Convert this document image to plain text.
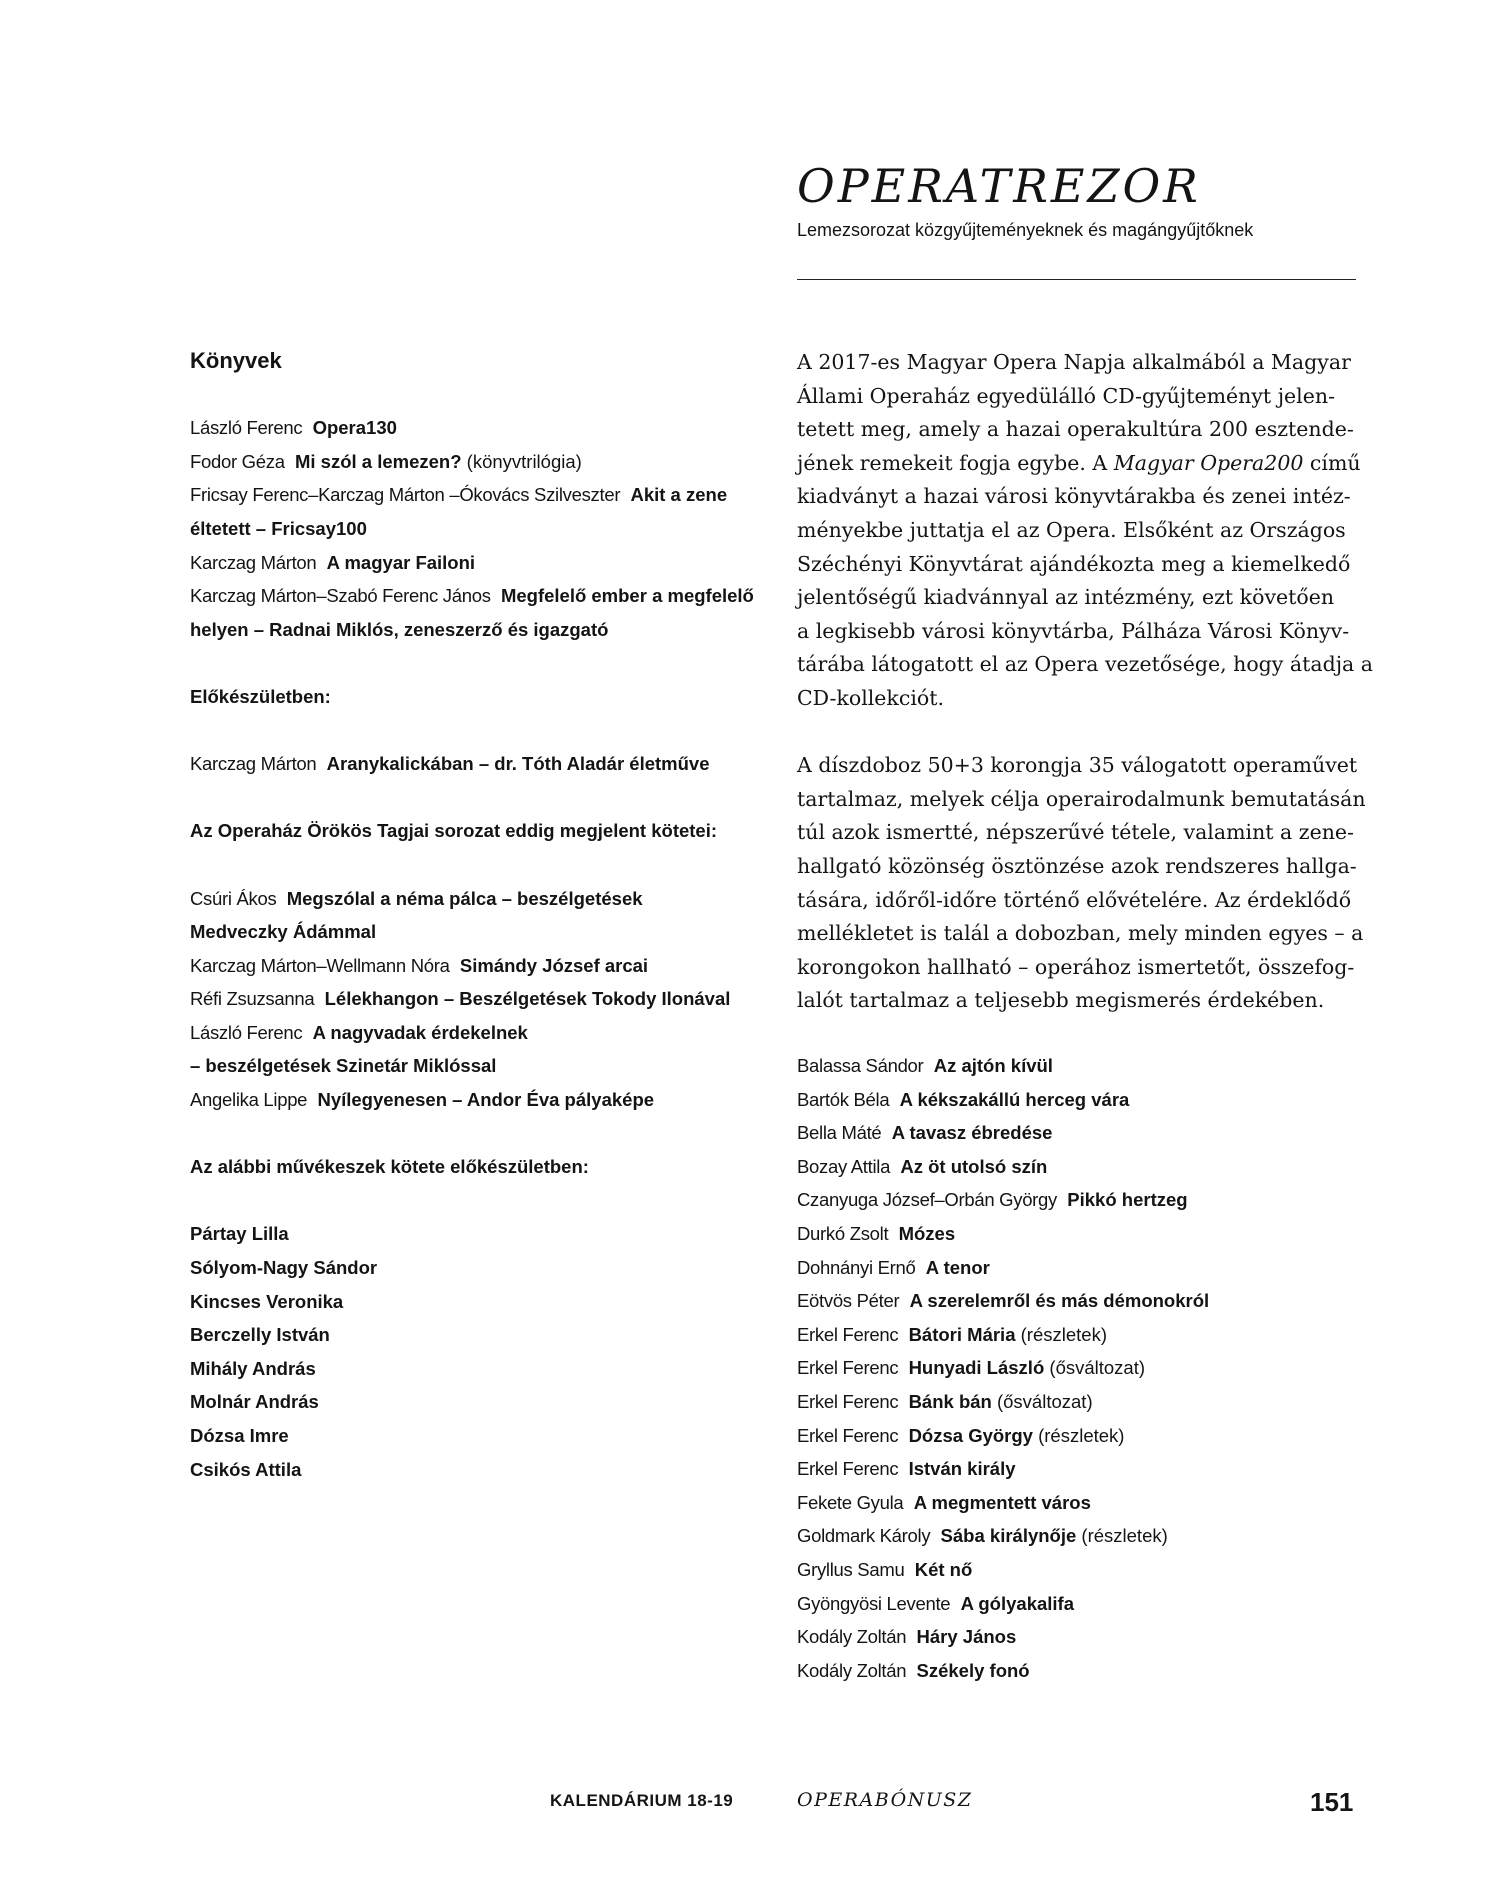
OPERATREZOR
Lemezsorozat közgyűjteményeknek és magángyűjtőknek
Könyvek
László Ferenc Opera130
Fodor Géza Mi szól a lemezen? (könyvtrilógia)
Fricsay Ferenc–Karczag Márton –Ókovács Szilveszter Akit a zene
éltetett – Fricsay100
Karczag Márton A magyar Failoni
Karczag Márton–Szabó Ferenc János Megfelelő ember a megfelelő
helyen – Radnai Miklós, zeneszerző és igazgató
Előkészületben:
Karczag Márton Aranykalickában – dr. Tóth Aladár életműve
Az Operaház Örökös Tagjai sorozat eddig megjelent kötetei:
Csúri Ákos Megszólal a néma pálca – beszélgetések
Medveczky Ádámmal
Karczag Márton–Wellmann Nóra Simándy József arcai
Réfi Zsuzsanna Lélekhangon – Beszélgetések Tokody Ilonával
László Ferenc A nagyvadak érdekelnek
– beszélgetések Szinetár Miklóssal
Angelika Lippe Nyílegyenesen – Andor Éva pályaképe
Az alábbi művékeszek kötete előkészületben:
Pártay Lilla
Sólyom-Nagy Sándor
Kincses Veronika
Berczelly István
Mihály András
Molnár András
Dózsa Imre
Csikós Attila
A 2017-es Magyar Opera Napja alkalmából a Magyar
Állami Operaház egyedülálló CD-gyűjteményt jelen-
tetett meg, amely a hazai operakultúra 200 esztende-
jének remekeit fogja egybe. A Magyar Opera200 című
kiadványt a hazai városi könyvtárakba és zenei intéz-
ményekbe juttatja el az Opera. Elsőként az Országos
Széchényi Könyvtárat ajándékozta meg a kiemelkedő
jelentőségű kiadvánnyal az intézmény, ezt követően
a legkisebb városi könyvtárba, Pálháza Városi Könyv-
tárába látogatott el az Opera vezetősége, hogy átadja a
CD-kollekciót.
A díszdoboz 50+3 korongja 35 válogatott operaművet
tartalmaz, melyek célja operairodalmunk bemutatásán
túl azok ismertté, népszerűvé tétele, valamint a zene-
hallgató közönség ösztönzése azok rendszeres hallga-
tására, időről-időre történő elővételére. Az érdeklődő
mellékletet is talál a dobozban, mely minden egyes – a
korongokon hallható – operához ismertetőt, összefog-
lalót tartalmaz a teljesebb megismerés érdekében.
Balassa Sándor Az ajtón kívül
Bartók Béla A kékszakállú herceg vára
Bella Máté A tavasz ébredése
Bozay Attila Az öt utolsó szín
Czanyuga József–Orbán György Pikkó hertzeg
Durkó Zsolt Mózes
Dohnányi Ernő A tenor
Eötvös Péter A szerelemről és más démonokról
Erkel Ferenc Bátori Mária (részletek)
Erkel Ferenc Hunyadi László (ősváltozat)
Erkel Ferenc Bánk bán (ősváltozat)
Erkel Ferenc Dózsa György (részletek)
Erkel Ferenc István király
Fekete Gyula A megmentett város
Goldmark Károly Sába királynője (részletek)
Gryllus Samu Két nő
Gyöngyösi Levente A gólyakalifa
Kodály Zoltán Háry János
Kodály Zoltán Székely fonó
KALENDÁRIUM 18-19	OPERABÓNUSZ	151
